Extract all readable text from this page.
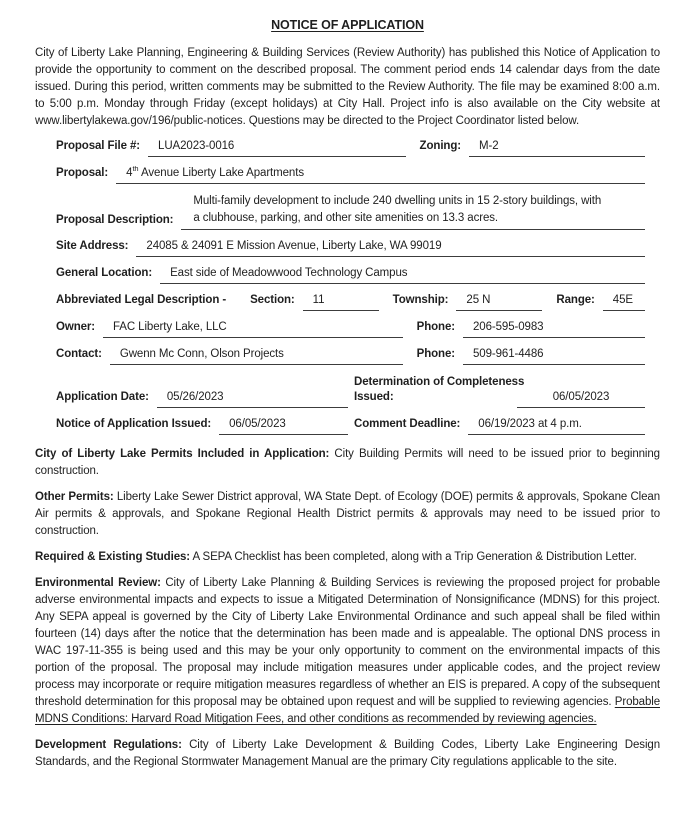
NOTICE OF APPLICATION

City of Liberty Lake Planning, Engineering & Building Services (Review Authority) has published this Notice of Application to provide the opportunity to comment on the described proposal. The comment period ends 14 calendar days from the date issued. During this period, written comments may be submitted to the Review Authority. The file may be examined 8:00 a.m. to 5:00 p.m. Monday through Friday (except holidays) at City Hall. Project info is also available on the City website at www.libertylakewa.gov/196/public-notices. Questions may be directed to the Project Coordinator listed below.

Proposal File #:	LUA2023-0016	Zoning:	M-2
Proposal:	4th Avenue Liberty Lake Apartments
Proposal Description:
Multi-family development to include 240 dwelling units in 15 2-story buildings, with
a clubhouse, parking, and other site amenities on 13.3 acres.
Site Address:	24085 & 24091 E Mission Avenue, Liberty Lake, WA 99019
General Location:	East side of Meadowwood Technology Campus
Abbreviated Legal Description -	Section:	11	Township:	25 N	Range:	45E
Owner:	FAC Liberty Lake, LLC	Phone:	206-595-0983
Contact:	Gwenn Mc Conn, Olson Projects	Phone:	509-961-4486
Application Date:	05/26/2023
Determination of Completeness
Issued:	06/05/2023
Notice of Application Issued:	06/05/2023	Comment Deadline:	06/19/2023 at 4 p.m.

City of Liberty Lake Permits Included in Application: City Building Permits will need to be issued prior to beginning construction.

Other Permits: Liberty Lake Sewer District approval, WA State Dept. of Ecology (DOE) permits & approvals, Spokane Clean Air permits & approvals, and Spokane Regional Health District permits & approvals may need to be issued prior to construction.

Required & Existing Studies: A SEPA Checklist has been completed, along with a Trip Generation & Distribution Letter.

Environmental Review: City of Liberty Lake Planning & Building Services is reviewing the proposed project for probable adverse environmental impacts and expects to issue a Mitigated Determination of Nonsignificance (MDNS) for this project. Any SEPA appeal is governed by the City of Liberty Lake Environmental Ordinance and such appeal shall be filed within fourteen (14) days after the notice that the determination has been made and is appealable. The optional DNS process in WAC 197-11-355 is being used and this may be your only opportunity to comment on the environmental impacts of this portion of the proposal. The proposal may include mitigation measures under applicable codes, and the project review process may incorporate or require mitigation measures regardless of whether an EIS is prepared. A copy of the subsequent threshold determination for this proposal may be obtained upon request and will be supplied to reviewing agencies. Probable MDNS Conditions: Harvard Road Mitigation Fees, and other conditions as recommended by reviewing agencies.

Development Regulations: City of Liberty Lake Development & Building Codes, Liberty Lake Engineering Design Standards, and the Regional Stormwater Management Manual are the primary City regulations applicable to the site.
